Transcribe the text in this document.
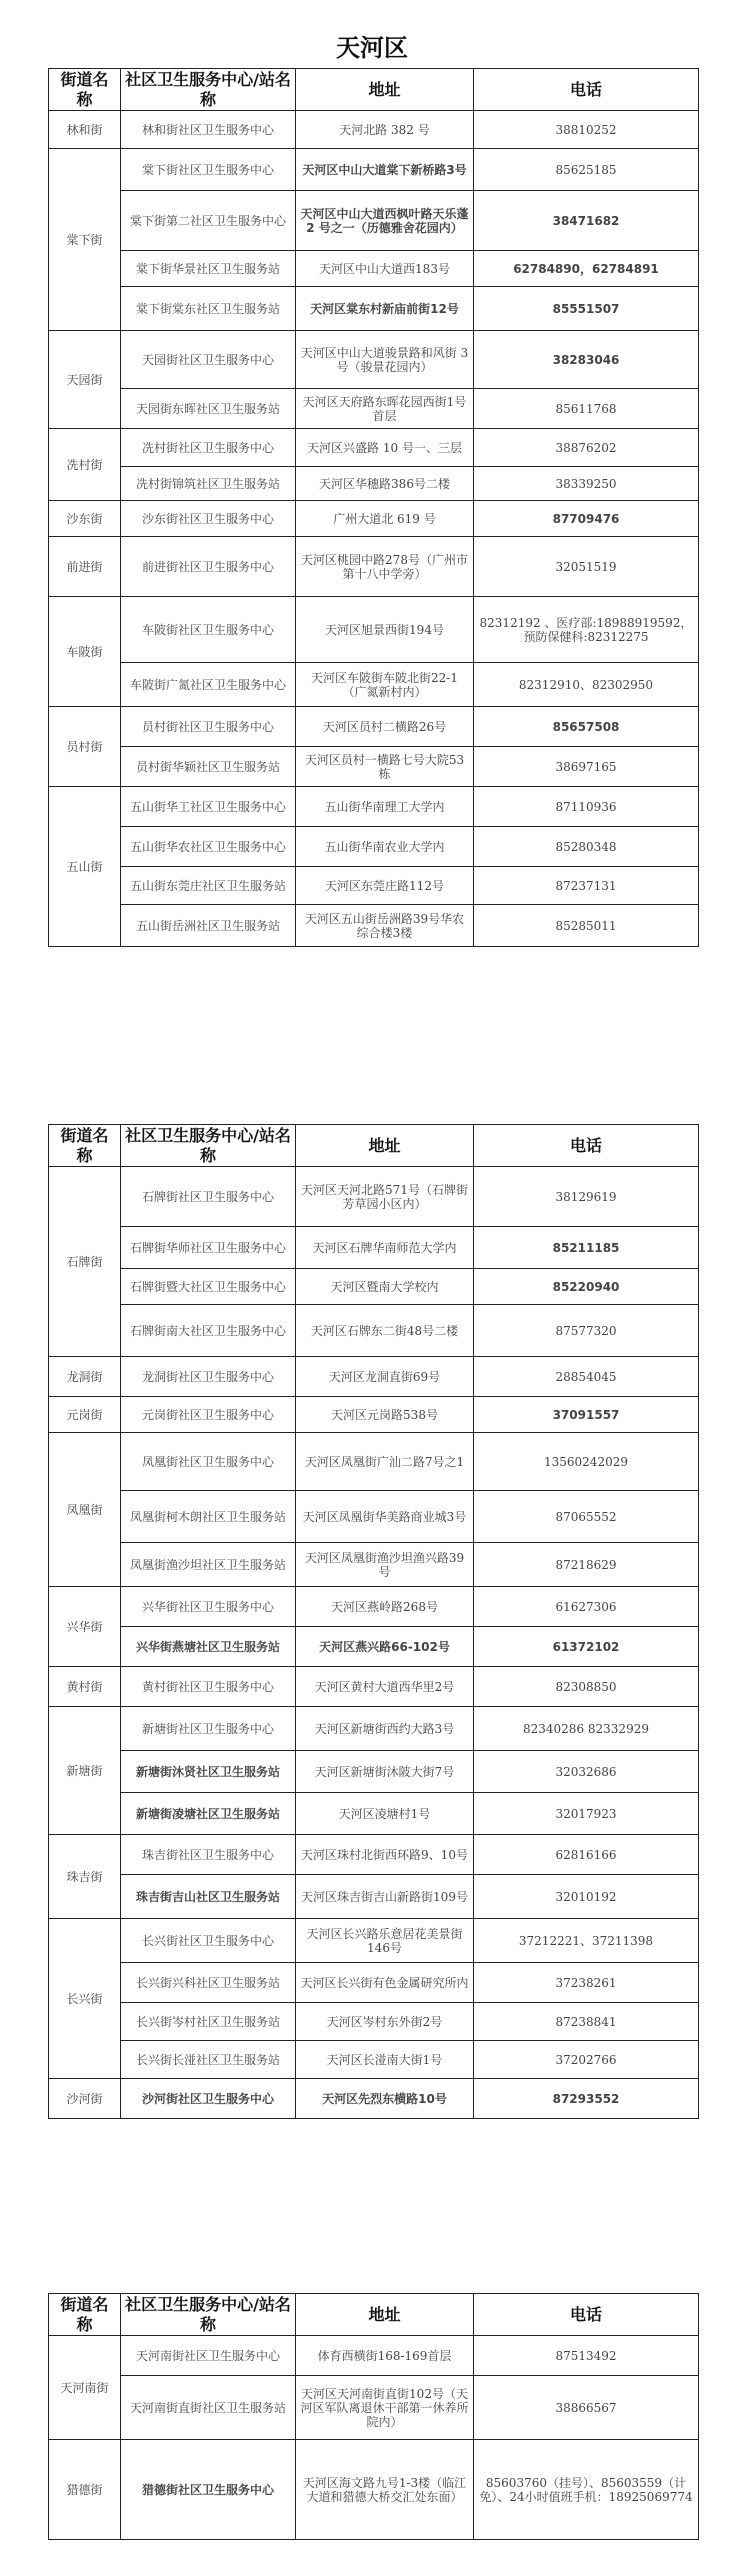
天河区
街道名称	社区卫生服务中心/站名称	地址	电话
林和街	林和街社区卫生服务中心	天河北路 382 号	38810252
棠下街	棠下街社区卫生服务中心	天河区中山大道棠下新桥路3号	85625185
	棠下街第二社区卫生服务中心	天河区中山大道西枫叶路天乐蓬 2 号之一（历德雅舍花园内）	38471682
	棠下街华景社区卫生服务站	天河区中山大道西183号	62784890，62784891
	棠下街棠东社区卫生服务站	天河区棠东村新庙前街12号	85551507
天园街	天园街社区卫生服务中心	天河区中山大道骏景路和风街 3 号（骏景花园内）	38283046
	天园街东晖社区卫生服务站	天河区天府路东晖花园西街1号首层	85611768
冼村街	冼村街社区卫生服务中心	天河区兴盛路 10 号一、三层	38876202
	冼村街锦筑社区卫生服务站	天河区华穗路386号二楼	38339250
沙东街	沙东街社区卫生服务中心	广州大道北 619 号	87709476
前进街	前进街社区卫生服务中心	天河区桃园中路278号（广州市第十八中学旁）	32051519
车陂街	车陂街社区卫生服务中心	天河区旭景西街194号	82312192 、医疗部:18988919592，预防保健科:82312275
	车陂街广氮社区卫生服务中心	天河区车陂街车陂北街22-1（广氮新村内）	82312910、82302950
员村街	员村街社区卫生服务中心	天河区员村二横路26号	85657508
	员村街华颖社区卫生服务站	天河区员村一横路七号大院53栋	38697165
五山街	五山街华工社区卫生服务中心	五山街华南理工大学内	87110936
	五山街华农社区卫生服务中心	五山街华南农业大学内	85280348
	五山街东莞庄社区卫生服务站	天河区东莞庄路112号	87237131
	五山街岳洲社区卫生服务站	天河区五山街岳洲路39号华农综合楼3楼	85285011
街道名称	社区卫生服务中心/站名称	地址	电话
石牌街	石牌街社区卫生服务中心	天河区天河北路571号（石牌街芳草园小区内）	38129619
	石牌街华师社区卫生服务中心	天河区石牌华南师范大学内	85211185
	石牌街暨大社区卫生服务中心	天河区暨南大学校内	85220940
	石牌街南大社区卫生服务中心	天河区石牌东二街48号二楼	87577320
龙洞街	龙洞街社区卫生服务中心	天河区龙洞直街69号	28854045
元岗街	元岗街社区卫生服务中心	天河区元岗路538号	37091557
凤凰街	凤凰街社区卫生服务中心	天河区凤凰街广汕二路7号之1	13560242029
	凤凰街柯木朗社区卫生服务站	天河区凤凰街华美路商业城3号	87065552
	凤凰街渔沙坦社区卫生服务站	天河区凤凰街渔沙坦渔兴路39号	87218629
兴华街	兴华街社区卫生服务中心	天河区燕岭路268号	61627306
	兴华街燕塘社区卫生服务站	天河区燕兴路66-102号	61372102
黄村街	黄村街社区卫生服务中心	天河区黄村大道西华里2号	82308850
新塘街	新塘街社区卫生服务中心	天河区新塘街西约大路3号	82340286 82332929
	新塘街沐贤社区卫生服务站	天河区新塘街沐陂大街7号	32032686
	新塘街凌塘社区卫生服务站	天河区凌塘村1号	32017923
珠吉街	珠吉街社区卫生服务中心	天河区珠村北街西环路9、10号	62816166
	珠吉街吉山社区卫生服务站	天河区珠吉街吉山新路街109号	32010192
长兴街	长兴街社区卫生服务中心	天河区长兴路乐意居花美景街146号	37212221、37211398
	长兴街兴科社区卫生服务站	天河区长兴街有色金属研究所内	37238261
	长兴街岑村社区卫生服务站	天河区岑村东外街2号	87238841
	长兴街长湴社区卫生服务站	天河区长湴南大街1号	37202766
沙河街	沙河街社区卫生服务中心	天河区先烈东横路10号	87293552
街道名称	社区卫生服务中心/站名称	地址	电话
天河南街	天河南街社区卫生服务中心	体育西横街168-169首层	87513492
	天河南街直街社区卫生服务站	天河区天河南街直街102号（天河区军队离退休干部第一休养所院内）	38866567
猎德街	猎德街社区卫生服务中心	天河区海文路九号1-3楼（临江大道和猎德大桥交汇处东面）	85603760（挂号）、85603559（计免）、24小时值班手机：18925069774
